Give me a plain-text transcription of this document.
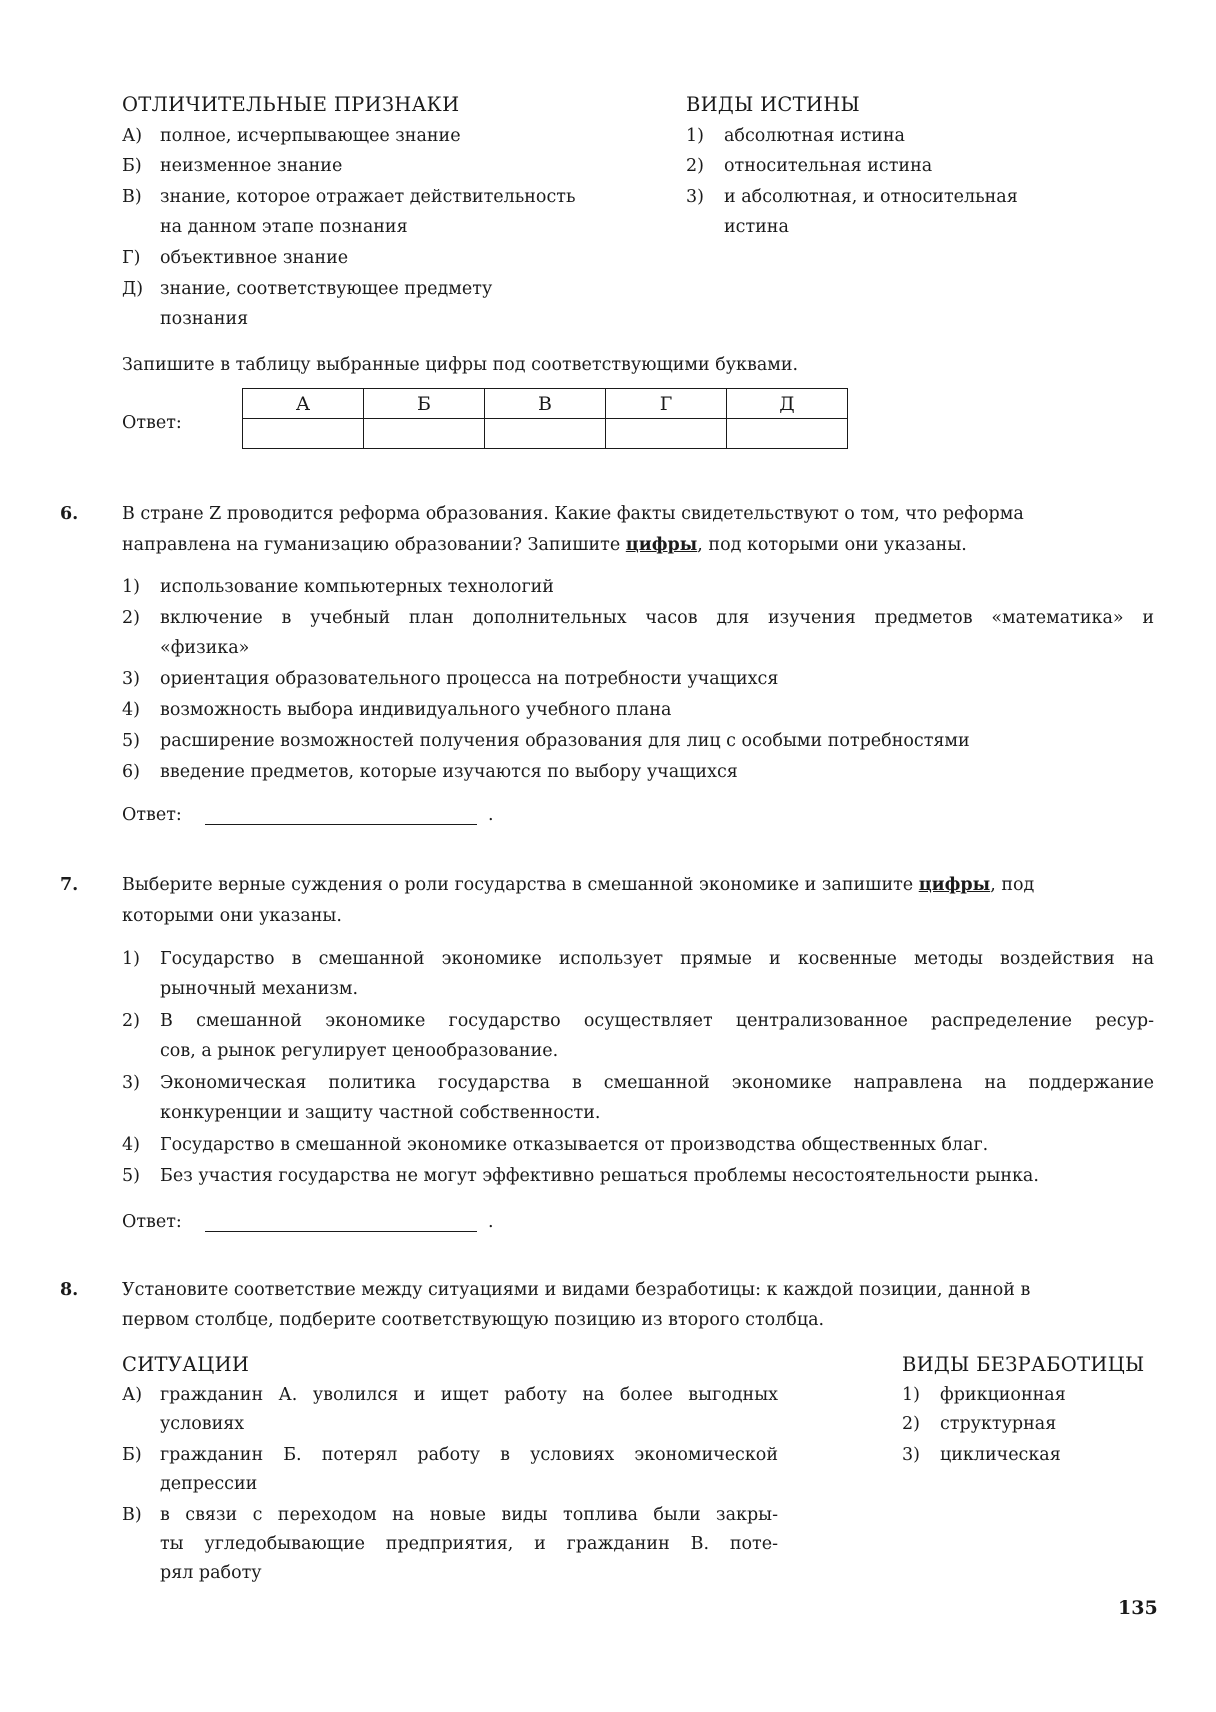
ОТЛИЧИТЕЛЬНЫЕ ПРИЗНАКИ	ВИДЫ ИСТИНЫ
А) полное, исчерпывающее знание
Б) неизменное знание
В) знание, которое отражает действительность
на данном этапе познания
Г) объективное знание
Д) знание, соответствующее предмету
познания
1) абсолютная истина
2) относительная истина
3) и абсолютная, и относительная
истина
Запишите в таблицу выбранные цифры под соответствующими буквами.
Ответ:
А	Б	В	Г	Д

6. В стране Z проводится реформа образования. Какие факты свидетельствуют о том, что реформа
направлена на гуманизацию образовании? Запишите цифры, под которыми они указаны.
1) использование компьютерных технологий
2) включение в учебный план дополнительных часов для изучения предметов «математика» и
«физика»
3) ориентация образовательного процесса на потребности учащихся
4) возможность выбора индивидуального учебного плана
5) расширение возможностей получения образования для лиц с особыми потребностями
6) введение предметов, которые изучаются по выбору учащихся
Ответ:	.
7. Выберите верные суждения о роли государства в смешанной экономике и запишите цифры, под
которыми они указаны.
1) Государство в смешанной экономике использует прямые и косвенные методы воздействия на
рыночный механизм.
2) В смешанной экономике государство осуществляет централизованное распределение ресур-
сов, а рынок регулирует ценообразование.
3) Экономическая политика государства в смешанной экономике направлена на поддержание
конкуренции и защиту частной собственности.
4) Государство в смешанной экономике отказывается от производства общественных благ.
5) Без участия государства не могут эффективно решаться проблемы несостоятельности рынка.
Ответ:	.
8. Установите соответствие между ситуациями и видами безработицы: к каждой позиции, данной в
первом столбце, подберите соответствующую позицию из второго столбца.
СИТУАЦИИ	ВИДЫ БЕЗРАБОТИЦЫ
А) гражданин А. уволился и ищет работу на более выгодных
условиях
Б) гражданин Б. потерял работу в условиях экономической
депрессии
В) в связи с переходом на новые виды топлива были закры-
ты угледобывающие предприятия, и гражданин В. поте-
рял работу
1) фрикционная
2) структурная
3) циклическая
135
